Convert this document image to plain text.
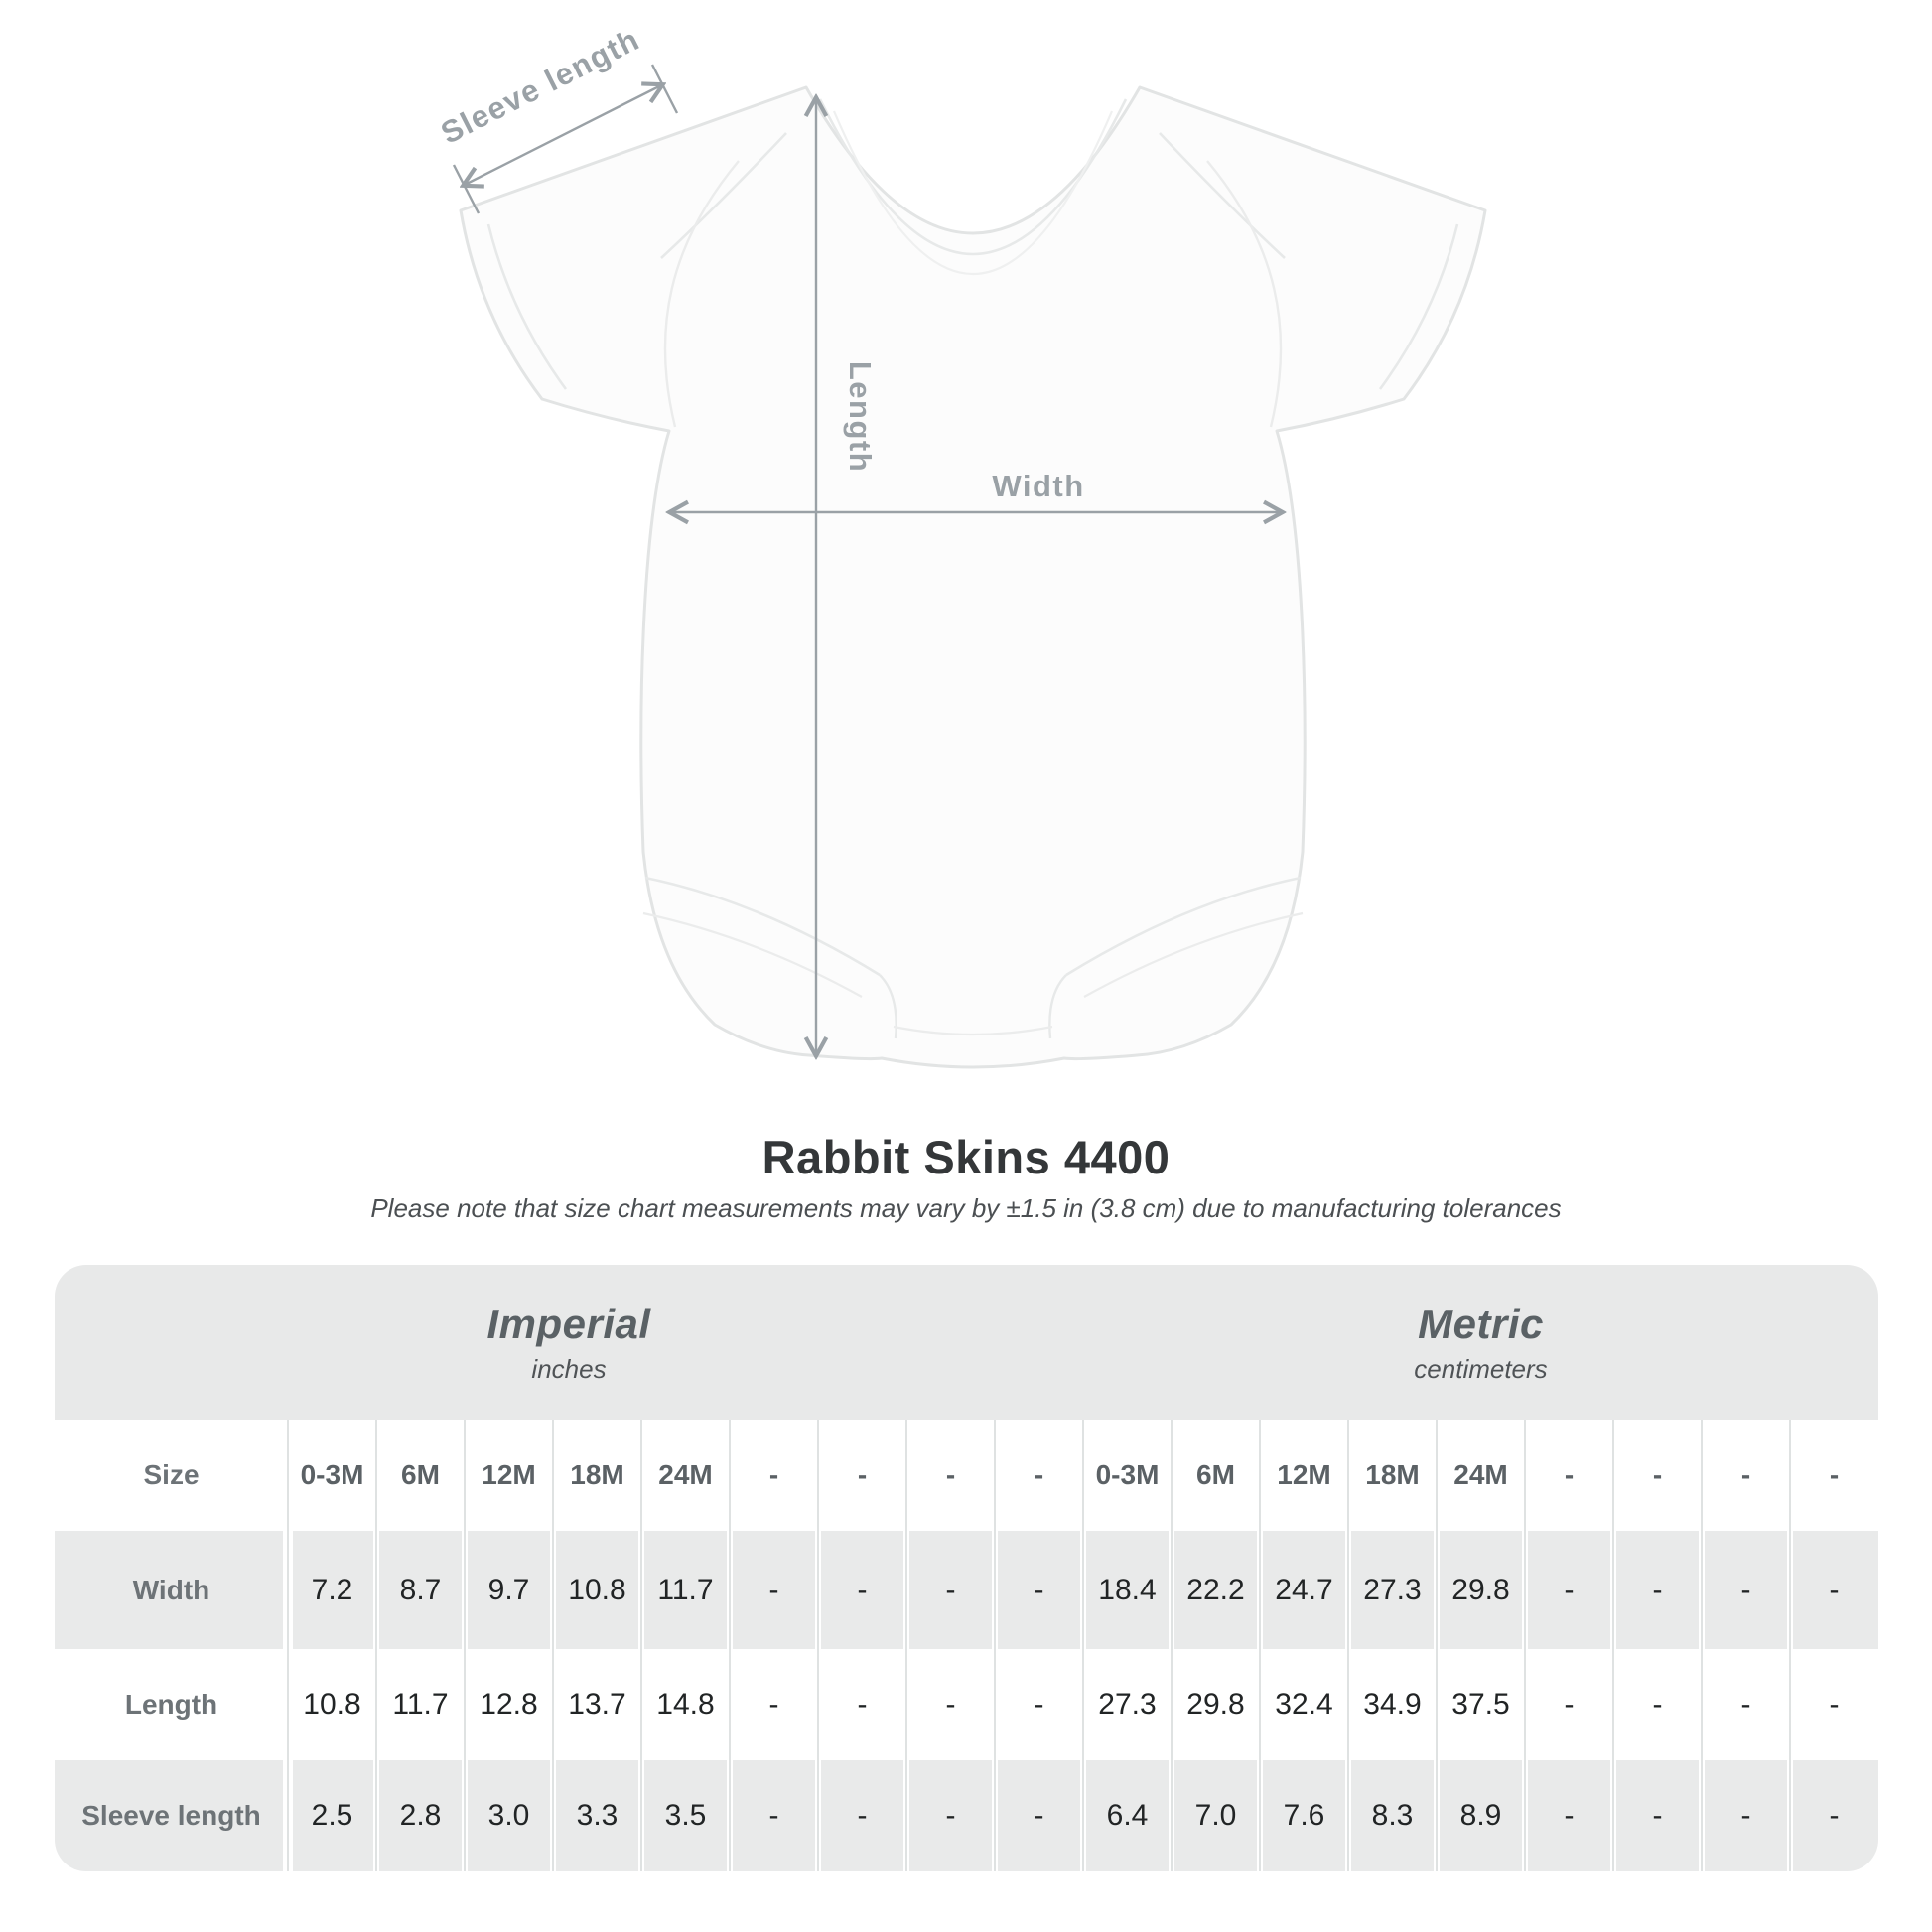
Sleeve length
Length
Width
Rabbit Skins 4400
Please note that size chart measurements may vary by ±1.5 in (3.8 cm) due to manufacturing tolerances
Imperial
inches
Metric
centimeters
Size	0-3M	6M	12M	18M	24M	-	-	-	-	0-3M	6M	12M	18M	24M	-	-	-	-
Width	7.2	8.7	9.7	10.8	11.7	-	-	-	-	18.4	22.2	24.7	27.3	29.8	-	-	-	-
Length	10.8	11.7	12.8	13.7	14.8	-	-	-	-	27.3	29.8	32.4	34.9	37.5	-	-	-	-
Sleeve length	2.5	2.8	3.0	3.3	3.5	-	-	-	-	6.4	7.0	7.6	8.3	8.9	-	-	-	-
